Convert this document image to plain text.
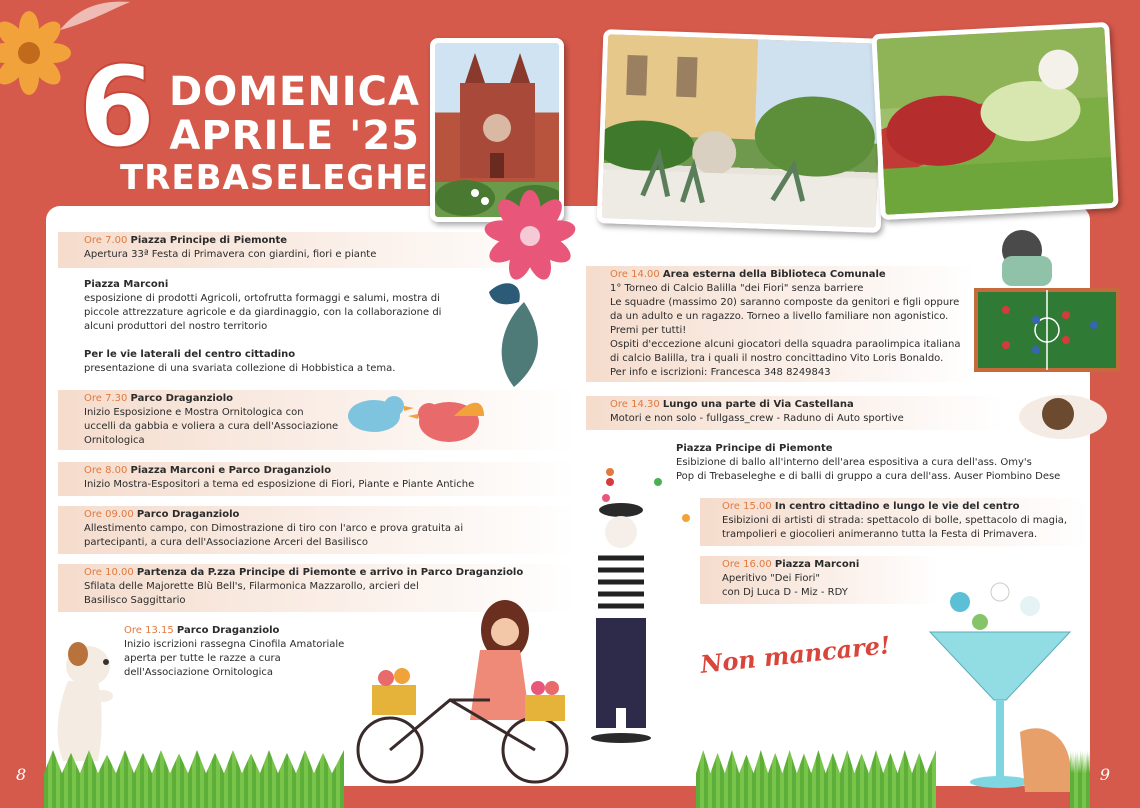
6 DOMENICA
APRILE '25
TREBASELEGHE
Ore 7.00 Piazza Principe di Piemonte
Apertura 33ª Festa di Primavera con giardini, fiori e piante
Piazza Marconi
esposizione di prodotti Agricoli, ortofrutta formaggi e salumi, mostra di
piccole attrezzature agricole e da giardinaggio, con la collaborazione di
alcuni produttori del nostro territorio
Per le vie laterali del centro cittadino
presentazione di una svariata collezione di Hobbistica a tema.
Ore 7.30 Parco Draganziolo
Inizio Esposizione e Mostra Ornitologica con
uccelli da gabbia e voliera a cura dell'Associazione
Ornitologica
Ore 8.00 Piazza Marconi e Parco Draganziolo
Inizio Mostra-Espositori a tema ed esposizione di Fiori, Piante e Piante Antiche
Ore 09.00 Parco Draganziolo
Allestimento campo, con Dimostrazione di tiro con l'arco e prova gratuita ai
partecipanti, a cura dell'Associazione Arceri del Basilisco
Ore 10.00 Partenza da P.zza Principe di Piemonte e arrivo in Parco Draganziolo
Sfilata delle Majorette Blù Bell's, Filarmonica Mazzarollo, arcieri del
Basilisco Saggittario
Ore 13.15 Parco Draganziolo
Inizio iscrizioni rassegna Cinofila Amatoriale
aperta per tutte le razze a cura
dell'Associazione Ornitologica
Ore 14.00 Area esterna della Biblioteca Comunale
1° Torneo di Calcio Balilla "dei Fiori" senza barriere
Le squadre (massimo 20) saranno composte da genitori e figli oppure
da un adulto e un ragazzo. Torneo a livello familiare non agonistico.
Premi per tutti!
Ospiti d'eccezione alcuni giocatori della squadra paraolimpica italiana
di calcio Balilla, tra i quali il nostro concittadino Vito Loris Bonaldo.
Per info e iscrizioni: Francesca 348 8249843
Ore 14.30 Lungo una parte di Via Castellana
Motori e non solo - fullgass_crew - Raduno di Auto sportive
Piazza Principe di Piemonte
Esibizione di ballo all'interno dell'area espositiva a cura dell'ass. Omy's
Pop di Trebaseleghe e di balli di gruppo a cura dell'ass. Auser Piombino Dese
Ore 15.00 In centro cittadino e lungo le vie del centro
Esibizioni di artisti di strada: spettacolo di bolle, spettacolo di magia,
trampolieri e giocolieri animeranno tutta la Festa di Primavera.
Ore 16.00 Piazza Marconi
Aperitivo "Dei Fiori"
con Dj Luca D - Miz - RDY
Non mancare!
8	9
